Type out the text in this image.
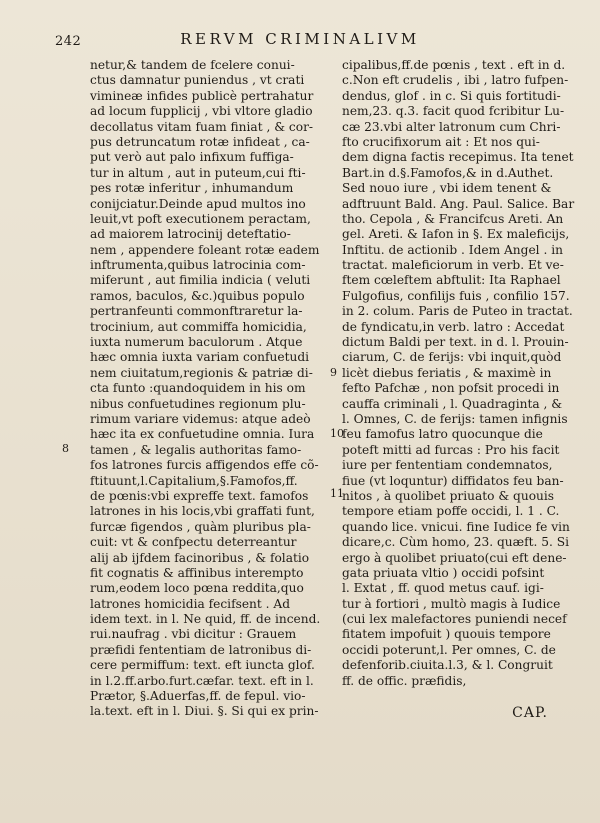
242	RERVM CRIMINALIVM
netur,& tandem de fcelere conui-
ctus damnatur puniendus , vt crati
vimineæ infides publicè pertrahatur
ad locum fupplicij , vbi vltore gladio
decollatus vitam fuam finiat , & cor-
pus detruncatum rotæ infideat , ca-
put verò aut palo infixum fuffiga-
tur in altum , aut in puteum,cui fti-
pes rotæ inferitur , inhumandum
conijciatur.Deinde apud multos ino
leuit,vt poft executionem peractam,
ad maiorem latrocinij deteftatio-
nem , appendere foleant rotæ eadem
inftrumenta,quibus latrocinia com-
miferunt , aut fimilia indicia ( veluti
ramos, baculos, &c.)quibus populo
pertranfeunti commonftraretur la-
trocinium, aut commiffa homicidia,
iuxta numerum baculorum . Atque
hæc omnia iuxta variam confuetudi
nem ciuitatum,regionis & patriæ di-
cta funto :quandoquidem in his om
nibus confuetudines regionum plu-
rimum variare videmus: atque adeò
hæc ita ex confuetudine omnia. Iura
tamen , & legalis authoritas famo-
fos latrones furcis affigendos effe cõ-
ftituunt,l.Capitalium,§.Famofos,ff.
de pœnis:vbi expreffe text. famofos
latrones in his locis,vbi graffati funt,
furcæ figendos , quàm pluribus pla-
cuit: vt & confpectu deterreantur
alij ab ijfdem facinoribus , & folatio
fit cognatis & affinibus interempto
rum,eodem loco pœna reddita,quo
latrones homicidia fecifsent . Ad
idem text. in l. Ne quid, ff. de incend.
rui.naufrag . vbi dicitur : Grauem
præfidi fententiam de latronibus di-
cere permiffum: text. eft iuncta glof.
in l.2.ff.arbo.furt.cæfar. text. eft in l.
Prætor, §.Aduerfas,ff. de fepul. vio-
la.text. eft in l. Diui. §. Si qui ex prin-
cipalibus,ff.de pœnis , text . eft in d.
c.Non eft crudelis , ibi , latro fufpen-
dendus, glof . in c. Si quis fortitudi-
nem,23. q.3. facit quod fcribitur Lu-
cæ 23.vbi alter latronum cum Chri-
fto crucifixorum ait : Et nos qui-
dem digna factis recepimus. Ita tenet
Bart.in d.§.Famofos,& in d.Authet.
Sed nouo iure , vbi idem tenent &
adftruunt Bald. Ang. Paul. Salice. Bar
tho. Cepola , & Francifcus Areti. An
gel. Areti. & Iafon in §. Ex maleficijs,
Inftitu. de actionib . Idem Angel . in
tractat. maleficiorum in verb. Et ve-
ftem cœleftem abftulit: Ita Raphael
Fulgofius, confilijs fuis , confilio 157.
in 2. colum. Paris de Puteo in tractat.
de fyndicatu,in verb. latro : Accedat
dictum Baldi per text. in d. l. Prouin-
ciarum, C. de ferijs: vbi inquit,quòd
licèt diebus feriatis , & maximè in
fefto Pafchæ , non pofsit procedi in
cauffa criminali , l. Quadraginta , &
l. Omnes, C. de ferijs: tamen infignis
feu famofus latro quocunque die
poteft mitti ad furcas : Pro his facit
iure per fententiam condemnatos,
fiue (vt loquntur) diffidatos feu ban-
nitos , à quolibet priuato & quouis
tempore etiam poffe occidi, l. 1 . C.
quando lice. vnicui. fine Iudice fe vin
dicare,c. Cùm homo, 23. quæft. 5. Si
ergo à quolibet priuato(cui eft dene-
gata priuata vltio ) occidi pofsint
l. Extat , ff. quod metus cauf. igi-
tur à fortiori , multò magis à Iudice
(cui lex malefactores puniendi necef
fitatem impofuit ) quouis tempore
occidi poterunt,l. Per omnes, C. de
defenforib.ciuita.l.3, & l. Congruit
ff. de offic. præfidis,
8
9
10
11
CAP.
